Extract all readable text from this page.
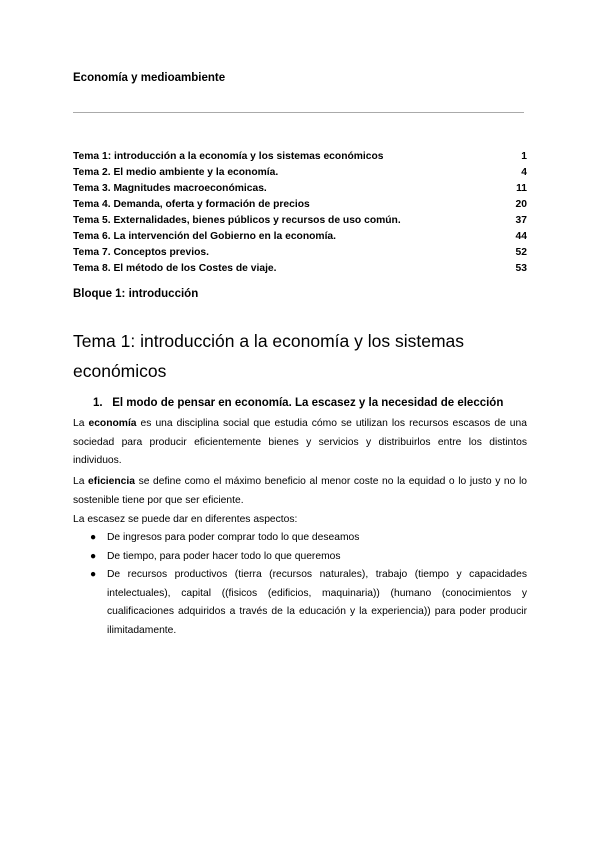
Economía y medioambiente
Tema 1: introducción a la economía y los sistemas económicos	1
Tema 2. El medio ambiente y la economía.	4
Tema 3. Magnitudes macroeconómicas.	11
Tema 4. Demanda, oferta y formación de precios	20
Tema 5. Externalidades, bienes públicos y recursos de uso común.	37
Tema 6. La intervención del Gobierno en la economía.	44
Tema 7. Conceptos previos.	52
Tema 8. El método de los Costes de viaje.	53
Bloque 1: introducción
Tema 1: introducción a la economía y los sistemas
económicos
1. El modo de pensar en economía. La escasez y la necesidad de elección
La economía es una disciplina social que estudia cómo se utilizan los recursos escasos de una sociedad para producir eficientemente bienes y servicios y distribuirlos entre los distintos individuos.
La eficiencia se define como el máximo beneficio al menor coste no la equidad o lo justo y no lo sostenible tiene por que ser eficiente.
La escasez se puede dar en diferentes aspectos:
● De ingresos para poder comprar todo lo que deseamos
● De tiempo, para poder hacer todo lo que queremos
● De recursos productivos (tierra (recursos naturales), trabajo (tiempo y capacidades intelectuales), capital ((fisicos (edificios, maquinaria)) (humano (conocimientos y cualificaciones adquiridos a través de la educación y la experiencia)) para poder producir ilimitadamente.
